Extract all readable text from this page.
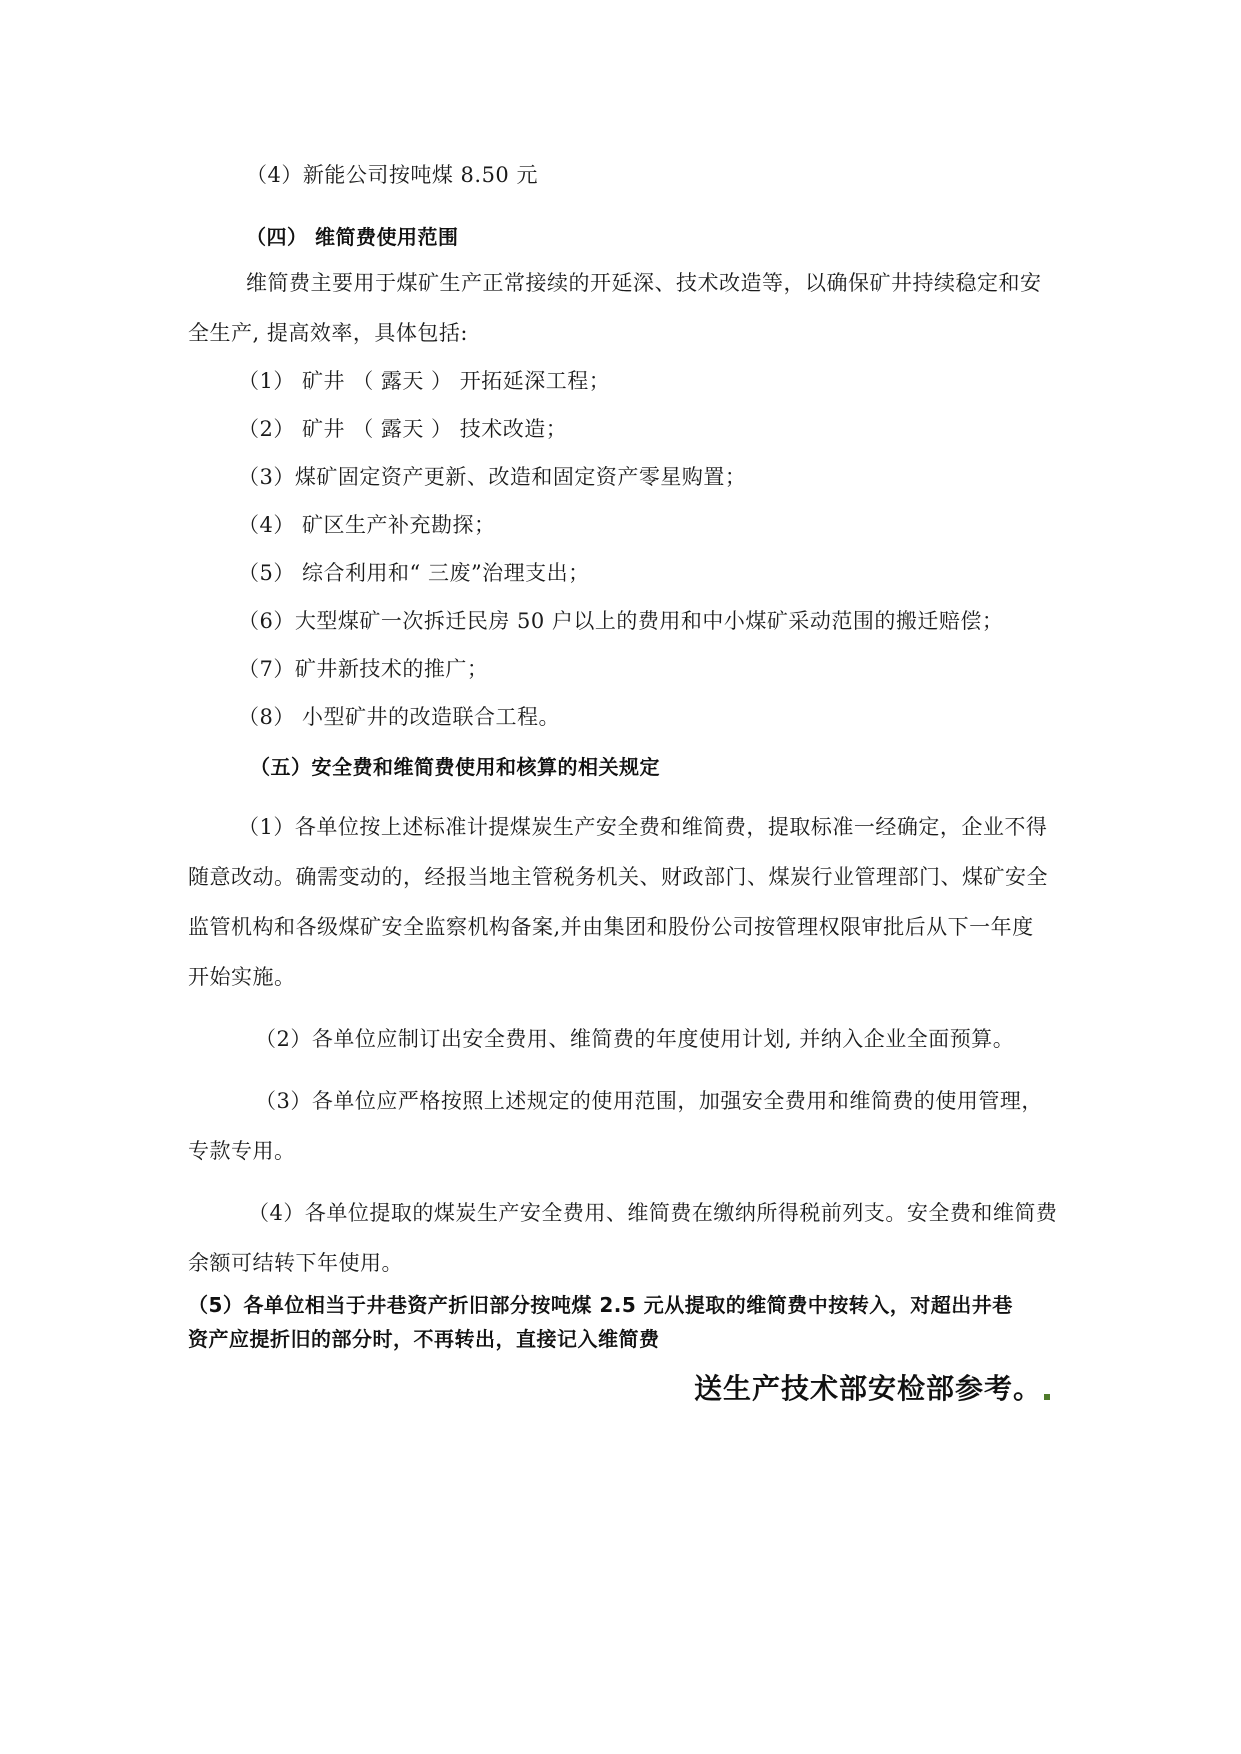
（4）新能公司按吨煤 8.50 元
（四） 维简费使用范围
维简费主要用于煤矿生产正常接续的开延深、技术改造等，以确保矿井持续稳定和安
全生产, 提高效率，具体包括:
（1） 矿井 （ 露天 ） 开拓延深工程；
（2） 矿井 （ 露天 ） 技术改造；
（3）煤矿固定资产更新、改造和固定资产零星购置；
（4） 矿区生产补充勘探；
（5） 综合利用和“ 三废”治理支出；
（6）大型煤矿一次拆迁民房 50 户以上的费用和中小煤矿采动范围的搬迁赔偿；
（7）矿井新技术的推广；
（8） 小型矿井的改造联合工程。
（五）安全费和维简费使用和核算的相关规定
（1）各单位按上述标准计提煤炭生产安全费和维简费，提取标准一经确定，企业不得
随意改动。确需变动的，经报当地主管税务机关、财政部门、煤炭行业管理部门、煤矿安全
监管机构和各级煤矿安全监察机构备案,并由集团和股份公司按管理权限审批后从下一年度
开始实施。
（2）各单位应制订出安全费用、维简费的年度使用计划, 并纳入企业全面预算。
（3）各单位应严格按照上述规定的使用范围，加强安全费用和维简费的使用管理，
专款专用。
（4）各单位提取的煤炭生产安全费用、维简费在缴纳所得税前列支。安全费和维简费
余额可结转下年使用。
（5）各单位相当于井巷资产折旧部分按吨煤 2.5 元从提取的维简费中按转入，对超出井巷
资产应提折旧的部分时，不再转出，直接记入维简费
送生产技术部安检部参考。
